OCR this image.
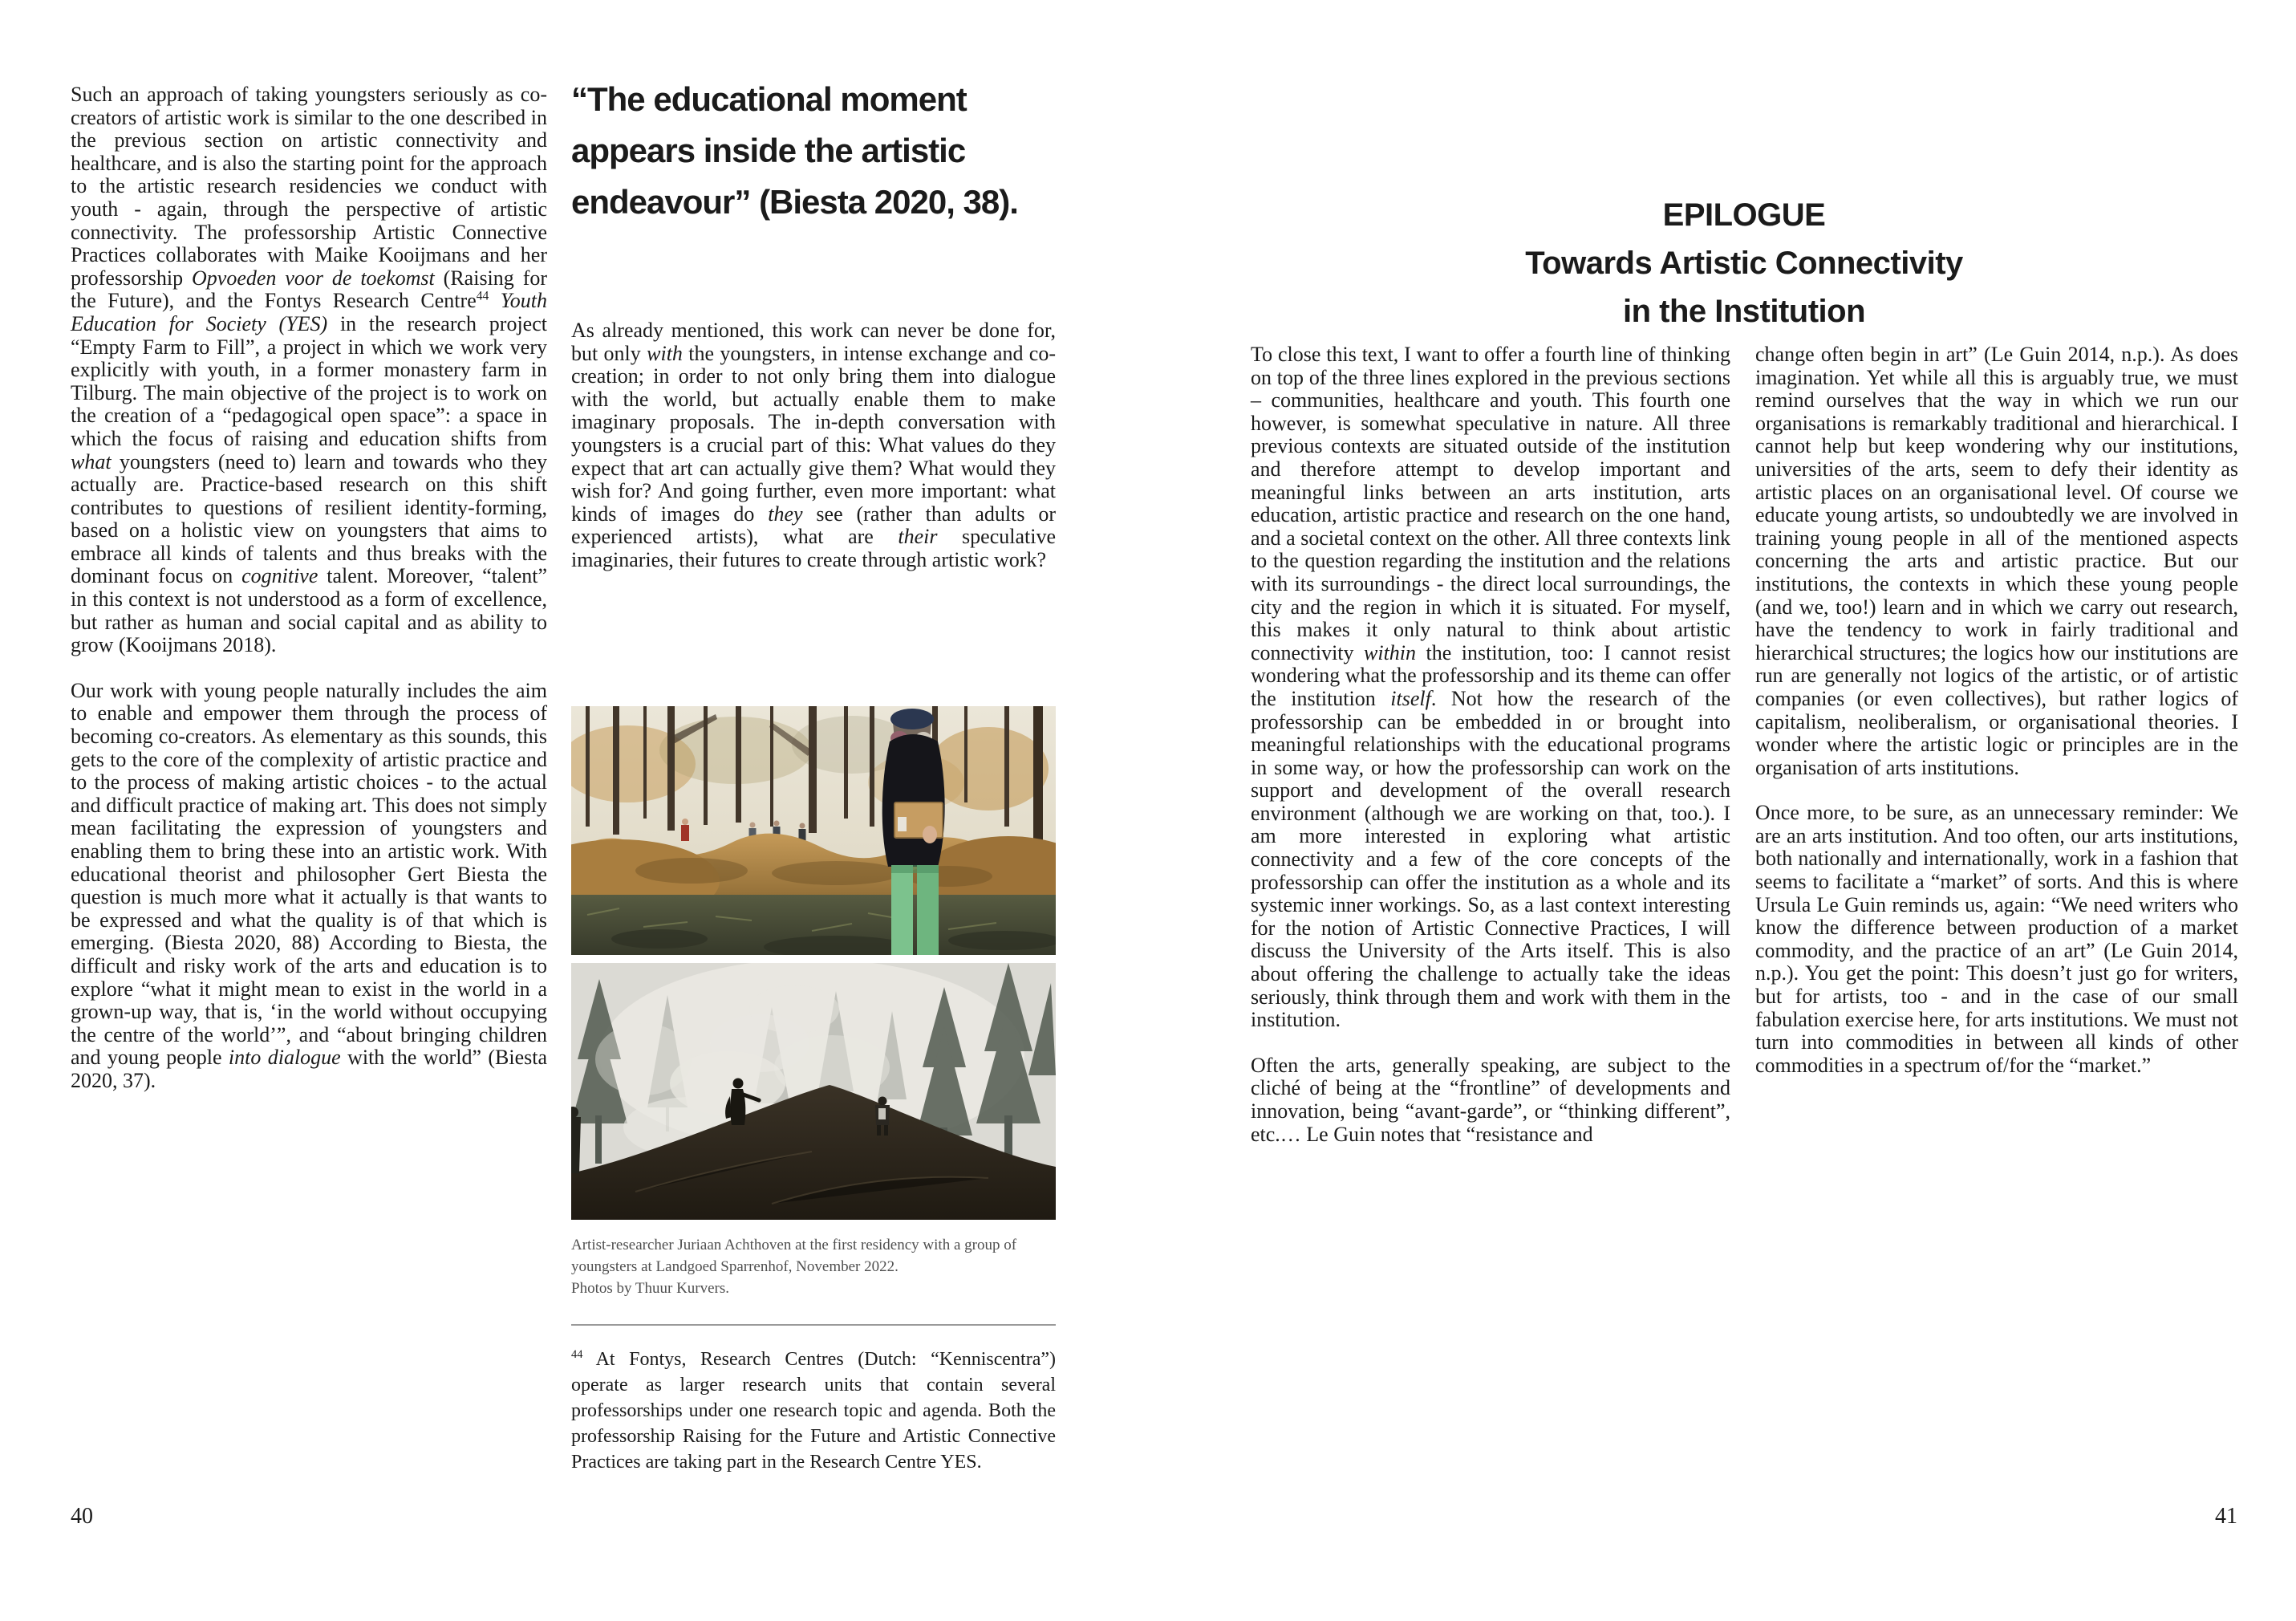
Such an approach of taking youngsters seriously as co-creators of artistic work is similar to the one described in the previous section on artistic connectivity and healthcare, and is also the starting point for the approach to the artistic research residencies we conduct with youth - again, through the perspective of artistic connectivity. The professorship Artistic Connective Practices collaborates with Maike Kooijmans and her professorship Opvoeden voor de toekomst (Raising for the Future), and the Fontys Research Centre$^{44}$ Youth Education for Society (YES) in the research project “Empty Farm to Fill”, a project in which we work very explicitly with youth, in a former monastery farm in Tilburg. The main objective of the project is to work on the creation of a “pedagogical open space”: a space in which the focus of raising and education shifts from what youngsters (need to) learn and towards who they actually are. Practice-based research on this shift contributes to questions of resilient identity-forming, based on a holistic view on youngsters that aims to embrace all kinds of talents and thus breaks with the dominant focus on cognitive talent. Moreover, “talent” in this context is not understood as a form of excellence, but rather as human and social capital and as ability to grow (Kooijmans 2018).

Our work with young people naturally includes the aim to enable and empower them through the process of becoming co-creators. As elementary as this sounds, this gets to the core of the complexity of artistic practice and to the process of making artistic choices - to the actual and difficult practice of making art. This does not simply mean facilitating the expression of youngsters and enabling them to bring these into an artistic work. With educational theorist and philosopher Gert Biesta the question is much more what it actually is that wants to be expressed and what the quality is of that which is emerging. (Biesta 2020, 88) According to Biesta, the difficult and risky work of the arts and education is to explore “what it might mean to exist in the world in a grown-up way, that is, ‘in the world without occupying the centre of the world’”, and “about bringing children and young people into dialogue with the world” (Biesta 2020, 37).

“The educational moment appears inside the artistic endeavour” (Biesta 2020, 38).

As already mentioned, this work can never be done for, but only with the youngsters, in intense exchange and co-creation; in order to not only bring them into dialogue with the world, but actually enable them to make imaginary proposals. The in-depth conversation with youngsters is a crucial part of this: What values do they expect that art can actually give them? What would they wish for? And going further, even more important: what kinds of images do they see (rather than adults or experienced artists), what are their speculative imaginaries, their futures to create through artistic work?

Artist-researcher Juriaan Achthoven at the first residency with a group of youngsters at Landgoed Sparrenhof, November 2022.
Photos by Thuur Kurvers.
$^{44}$ At Fontys, Research Centres (Dutch: “Kenniscentra”) operate as larger research units that contain several professorships under one research topic and agenda. Both the professorship Raising for the Future and Artistic Connective Practices are taking part in the Research Centre YES.
40
EPILOGUE
Towards Artistic Connectivity
in the Institution

To close this text, I want to offer a fourth line of thinking on top of the three lines explored in the previous sections – communities, healthcare and youth. This fourth one however, is somewhat speculative in nature. All three previous contexts are situated outside of the institution and therefore attempt to develop important and meaningful links between an arts institution, arts education, artistic practice and research on the one hand, and a societal context on the other. All three contexts link to the question regarding the institution and the relations with its surroundings - the direct local surroundings, the city and the region in which it is situated. For myself, this makes it only natural to think about artistic connectivity within the institution, too: I cannot resist wondering what the professorship and its theme can offer the institution itself. Not how the research of the professorship can be embedded in or brought into meaningful relationships with the educational programs in some way, or how the professorship can work on the support and development of the overall research environment (although we are working on that, too.). I am more interested in exploring what artistic connectivity and a few of the core concepts of the professorship can offer the institution as a whole and its systemic inner workings. So, as a last context interesting for the notion of Artistic Connective Practices, I will discuss the University of the Arts itself. This is also about offering the challenge to actually take the ideas seriously, think through them and work with them in the institution.

Often the arts, generally speaking, are subject to the cliché of being at the “frontline” of developments and innovation, being “avant-garde”, or “thinking different”, etc.… Le Guin notes that “resistance and

change often begin in art” (Le Guin 2014, n.p.). As does imagination. Yet while all this is arguably true, we must remind ourselves that the way in which we run our organisations is remarkably traditional and hierarchical. I cannot help but keep wondering why our institutions, universities of the arts, seem to defy their identity as artistic places on an organisational level. Of course we educate young artists, so undoubtedly we are involved in training young people in all of the mentioned aspects concerning the arts and artistic practice. But our institutions, the contexts in which these young people (and we, too!) learn and in which we carry out research, have the tendency to work in fairly traditional and hierarchical structures; the logics how our institutions are run are generally not logics of the artistic, or of artistic companies (or even collectives), but rather logics of capitalism, neoliberalism, or organisational theories. I wonder where the artistic logic or principles are in the organisation of arts institutions.

Once more, to be sure, as an unnecessary reminder: We are an arts institution. And too often, our arts institutions, both nationally and internationally, work in a fashion that seems to facilitate a “market” of sorts. And this is where Ursula Le Guin reminds us, again: “We need writers who know the difference between production of a market commodity, and the practice of an art” (Le Guin 2014, n.p.). You get the point: This doesn’t just go for writers, but for artists, too - and in the case of our small fabulation exercise here, for arts institutions. We must not turn into commodities in between all kinds of other commodities in a spectrum of/for the “market.”

41
